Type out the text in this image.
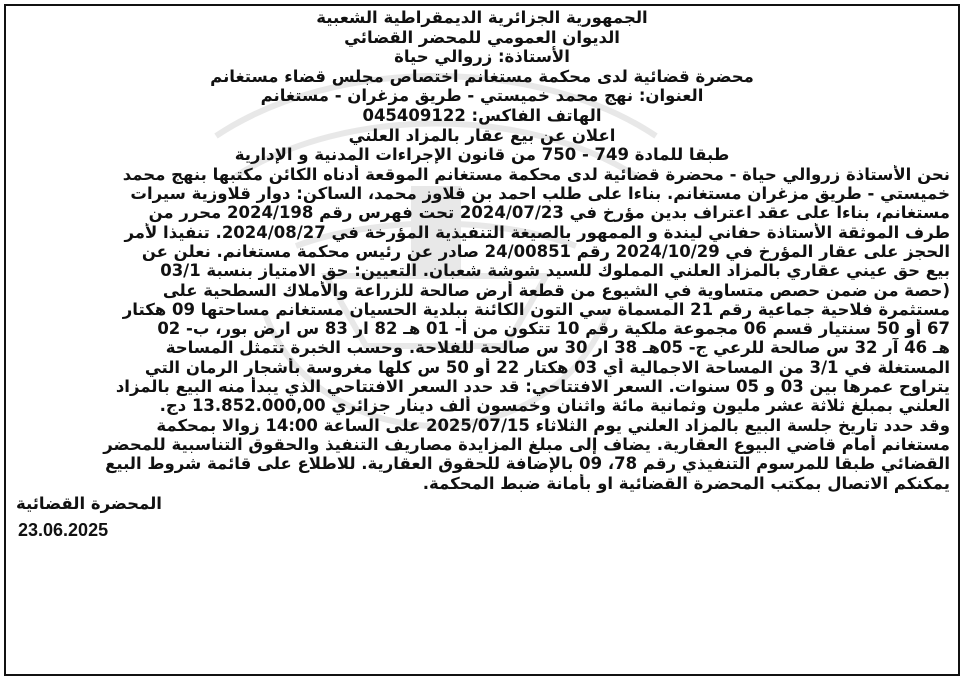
الجمهورية الجزائرية الديمقراطية الشعبية
الديوان العمومي للمحضر القضائي
الأستاذة: زروالي حياة
محضرة قضائية لدى محكمة مستغانم اختصاص مجلس قضاء مستغانم
العنوان: نهج محمد خميستي - طريق مزغران - مستغانم
الهاتف الفاكس: 045409122
اعلان عن بيع عقار بالمزاد العلني
طبقا للمادة 749 - 750 من قانون الإجراءات المدنية و الإدارية
نحن الأستاذة زروالي حياة - محضرة قضائية لدى محكمة مستغانم الموقعة أدناه الكائن مكتبها بنهج محمد
خميستي - طريق مزغران مستغانم. بناءا على طلب احمد بن قلاوز محمد، الساكن: دوار قلاوزية سيرات
مستغانم، بناءا على عقد اعتراف بدين مؤرخ في 2024/07/23 تحت فهرس رقم 2024/198 محرر من
طرف الموثقة الأستاذة حفاني ليندة و الممهور بالصيغة التنفيذية المؤرخة في 2024/08/27. تنفيذا لأمر
الحجز على عقار المؤرخ في 2024/10/29 رقم 24/00851 صادر عن رئيس محكمة مستغانم. نعلن عن
بيع حق عيني عقاري بالمزاد العلني المملوك للسيد شوشة شعبان. التعيين: حق الامتياز بنسبة 03/1
(حصة من ضمن حصص متساوية في الشيوع من قطعة أرض صالحة للزراعة والأملاك السطحية على
مستثمرة فلاحية جماعية رقم 21 المسماة سي التون الكائنة ببلدية الحسيان مستغانم مساحتها 09 هكتار
67 أو 50 سنتيار قسم 06 مجموعة ملكية رقم 10 تتكون من أ- 01 هـ 82 ار 83 س ارض بور، ب- 02
هـ 46 آر 32 س صالحة للرعي ج- 05هـ 38 ار 30 س صالحة للفلاحة. وحسب الخبرة تتمثل المساحة
المستغلة في 3/1 من المساحة الاجمالية أي 03 هكتار 22 أو 50 س كلها مغروسة بأشجار الرمان التي
يتراوح عمرها بين 03 و 05 سنوات. السعر الافتتاحي: قد حدد السعر الافتتاحي الذي يبدأ منه البيع بالمزاد
العلني بمبلغ ثلاثة عشر مليون وثمانية مائة واثنان وخمسون ألف دينار جزائري 13.852.000,00 دج.
وقد حدد تاريخ جلسة البيع بالمزاد العلني يوم الثلاثاء 2025/07/15 على الساعة 14:00 زوالا بمحكمة
مستغانم أمام قاضي البيوع العقارية. يضاف إلى مبلغ المزايدة مصاريف التنفيذ والحقوق التناسبية للمحضر
القضائي طبقا للمرسوم التنفيذي رقم 78، 09 بالإضافة للحقوق العقارية. للاطلاع على قائمة شروط البيع
يمكنكم الاتصال بمكتب المحضرة القضائية او بأمانة ضبط المحكمة.
المحضرة القضائية
23.06.2025
